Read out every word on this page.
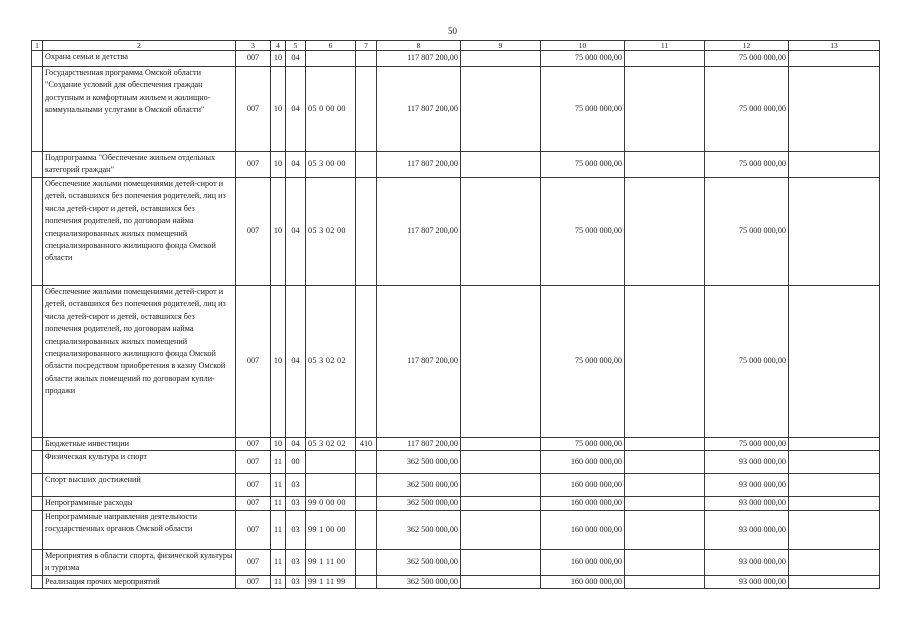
50
1	2	3	4	5	6	7	8	9	10	11	12	13
	Охрана семьи и детства	007	10	04			117 807 200,00		75 000 000,00		75 000 000,00	
	Государственная программа Омской области "Создание условий для обеспечения граждан доступным и комфортным жильем и жилищно-коммунальными услугами в Омской области"	007	10	04	05 0 00 00		117 807 200,00		75 000 000,00		75 000 000,00	
	Подпрограмма "Обеспечение жильем отдельных категорий граждан"	007	10	04	05 3 00 00		117 807 200,00		75 000 000,00		75 000 000,00	
	Обеспечение жилыми помещениями детей-сирот и детей, оставшихся без попечения родителей, лиц из числа детей-сирот и детей, оставшихся без попечения родителей, по договорам найма специализированных жилых помещений специализированного жилищного фонда Омской области	007	10	04	05 3 02 00		117 807 200,00		75 000 000,00		75 000 000,00	
	Обеспечение жилыми помещениями детей-сирот и детей, оставшихся без попечения родителей, лиц из числа детей-сирот и детей, оставшихся без попечения родителей, по договорам найма специализированных жилых помещений специализированного жилищного фонда Омской области посредством приобретения в казну Омской области жилых помещений по договорам купли-продажи	007	10	04	05 3 02 02		117 807 200,00		75 000 000,00		75 000 000,00	
	Бюджетные инвестиции	007	10	04	05 3 02 02	410	117 807 200,00		75 000 000,00		75 000 000,00	
	Физическая культура и спорт	007	11	00			362 500 000,00		160 000 000,00		93 000 000,00	
	Спорт высших достижений	007	11	03			362 500 000,00		160 000 000,00		93 000 000,00	
	Непрограммные расходы	007	11	03	99 0 00 00		362 500 000,00		160 000 000,00		93 000 000,00	
	Непрограммные направления деятельности государственных органов Омской области	007	11	03	99 1 00 00		362 500 000,00		160 000 000,00		93 000 000,00	
	Мероприятия в области спорта, физической культуры и туризма	007	11	03	99 1 11 00		362 500 000,00		160 000 000,00		93 000 000,00	
	Реализация прочих мероприятий	007	11	03	99 1 11 99		362 500 000,00		160 000 000,00		93 000 000,00	
